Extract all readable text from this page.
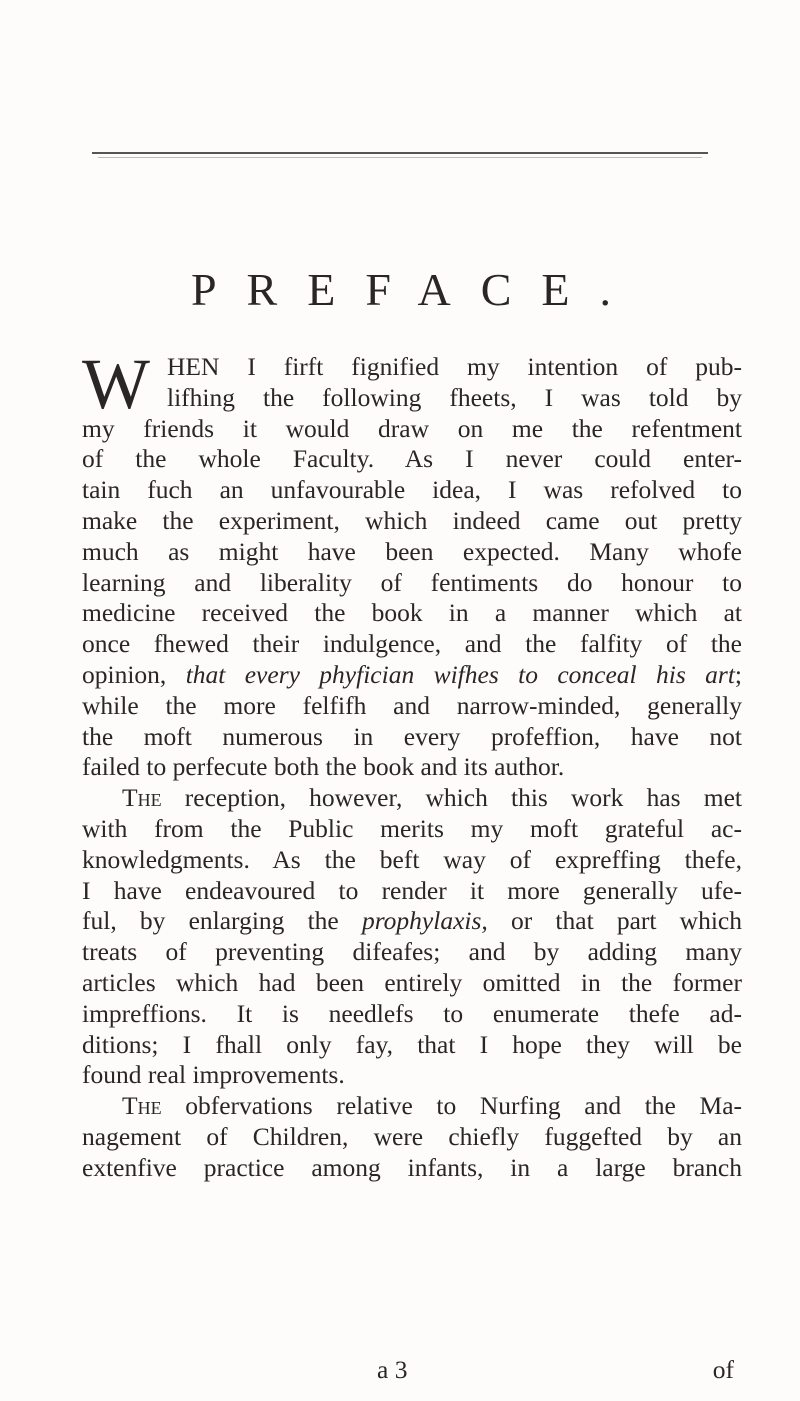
PREFACE.
W HEN I firft fignified my intention of pub-
lifhing the following fheets, I was told by
my friends it would draw on me the refentment
of the whole Faculty. As I never could enter-
tain fuch an unfavourable idea, I was refolved to
make the experiment, which indeed came out pretty
much as might have been expected. Many whofe
learning and liberality of fentiments do honour to
medicine received the book in a manner which at
once fhewed their indulgence, and the falfity of the
opinion, that every phyfician wifhes to conceal his art;
while the more felfifh and narrow-minded, generally
the moft numerous in every profeffion, have not
failed to perfecute both the book and its author.
The reception, however, which this work has met
with from the Public merits my moft grateful ac-
knowledgments. As the beft way of expreffing thefe,
I have endeavoured to render it more generally ufe-
ful, by enlarging the prophylaxis, or that part which
treats of preventing difeafes; and by adding many
articles which had been entirely omitted in the former
impreffions. It is needlefs to enumerate thefe ad-
ditions; I fhall only fay, that I hope they will be
found real improvements.
The obfervations relative to Nurfing and the Ma-
nagement of Children, were chiefly fuggefted by an
extenfive practice among infants, in a large branch
a 3	of
